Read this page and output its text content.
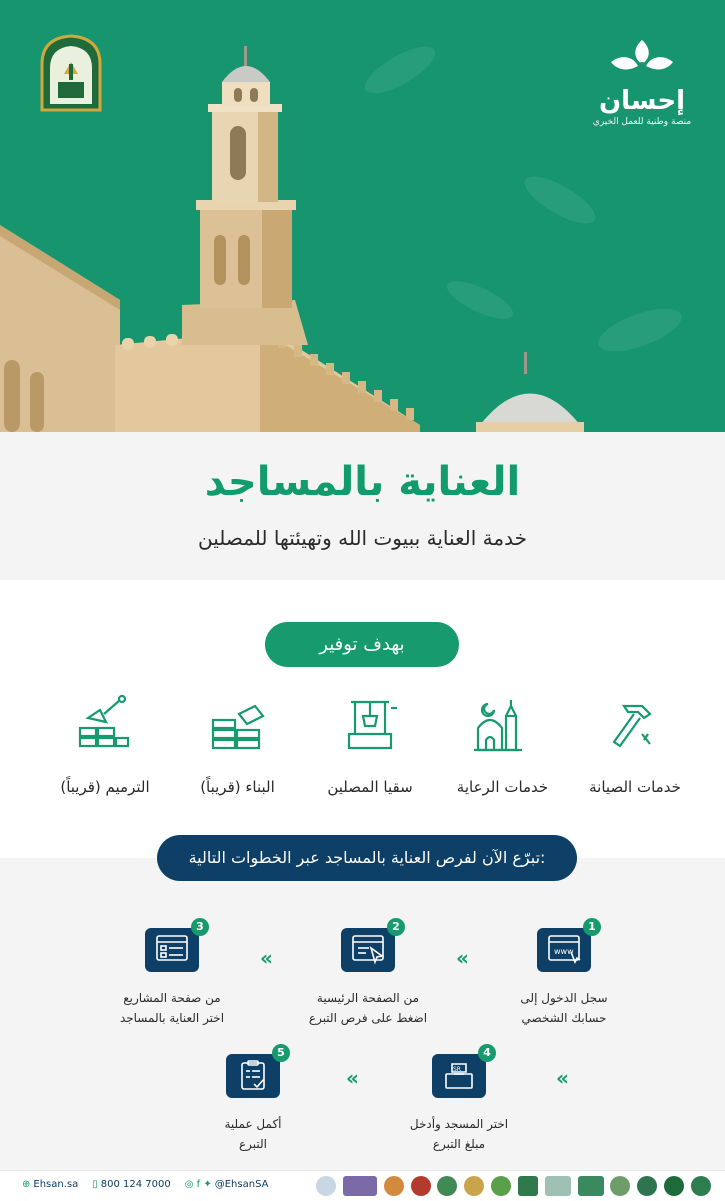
إحسان
منصة وطنية للعمل الخيري
العناية بالمساجد

خدمة العناية ببيوت الله وتهيئتها للمصلين

بهدف توفير
خدمات الصيانة
خدمات الرعاية
سقيا المصلين
البناء (قريباً)
الترميم (قريباً)
تبرّع الآن لفرص العناية بالمساجد عبر الخطوات التالية:
www
1
سجل الدخول إلى
حسابك الشخصي
«
2
من الصفحة الرئيسية
اضغط على فرص التبرع
«
3
من صفحة المشاريع
اختر العناية بالمساجد
SR
4
اختر المسجد وأدخل
مبلغ التبرع
«
«
5
أكمل عملية
التبرع
⊕ Ehsan.sa ▯ 800 124 7000 ◎ f ✦ @EhsanSA
